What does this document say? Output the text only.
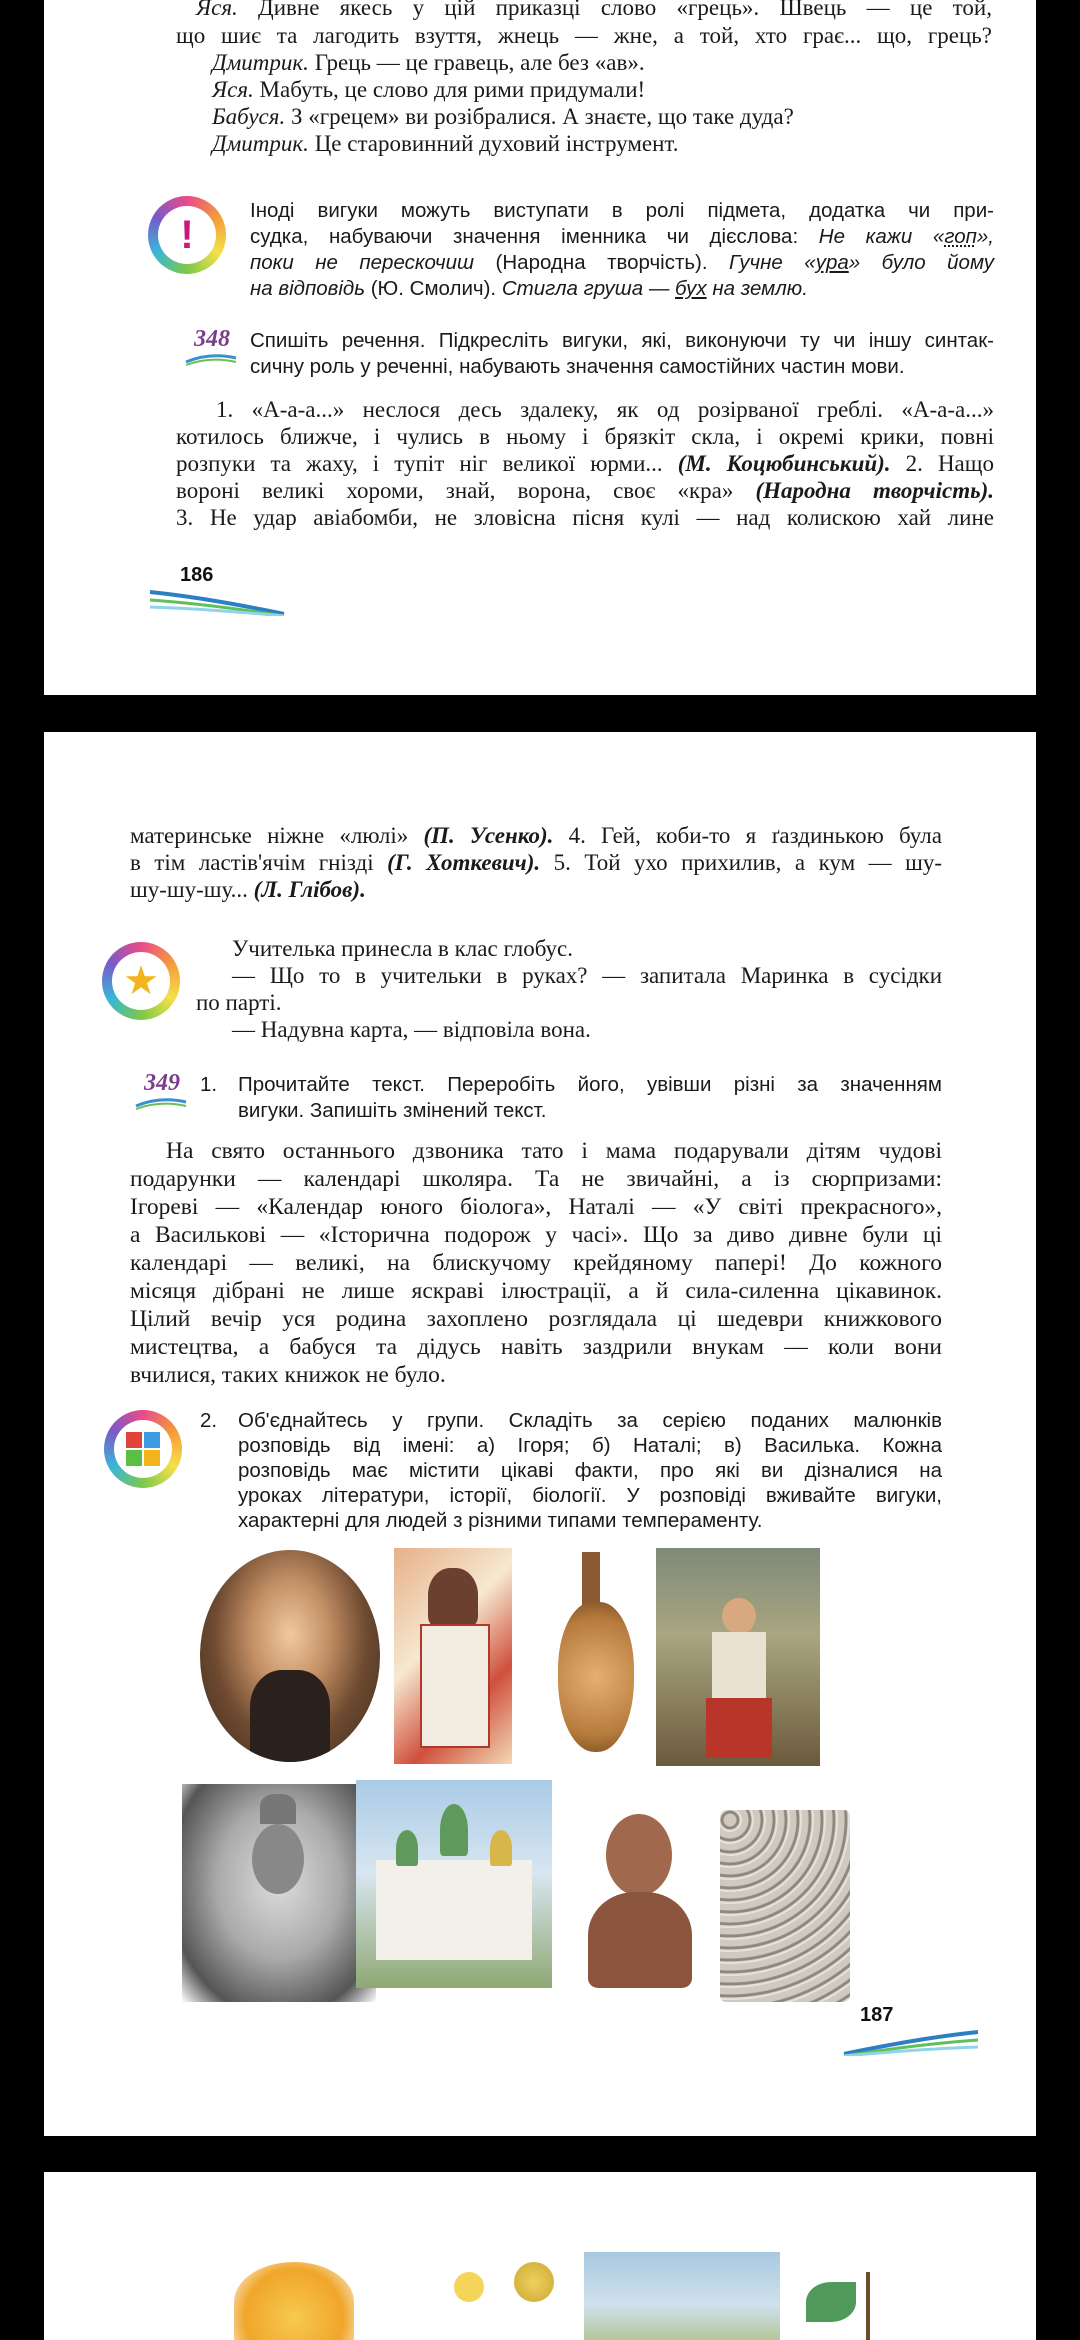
Яся. Дивне якесь у цій приказці слово «грець». Швець — це той,
що шиє та лагодить взуття, жнець — жне, а той, хто грає... що, грець?
Дмитрик. Грець — це гравець, але без «ав».
Яся. Мабуть, це слово для рими придумали!
Бабуся. З «грецем» ви розібралися. А знаєте, що таке дуда?
Дмитрик. Це старовинний духовий інструмент.
!
Іноді вигуки можуть виступати в ролі підмета, додатка чи при-
судка, набуваючи значення іменника чи дієслова: Не кажи «гоп»,
поки не перескочиш (Народна творчість). Гучне «ура» було йому
на відповідь (Ю. Смолич). Стигла груша — бух на землю.
348 Спишіть речення. Підкресліть вигуки, які, виконуючи ту чи іншу синтак-
сичну роль у реченні, набувають значення самостійних частин мови.
1. «А-а-а...» неслося десь здалеку, як од розірваної греблі. «А-а-а...»
котилось ближче, і чулись в ньому і брязкіт скла, і окремі крики, повні
розпуки та жаху, і тупіт ніг великої юрми... (М. Коцюбинський). 2. Нащо
вороні великі хороми, знай, ворона, своє «кра» (Народна творчість).
3. Не удар авіабомби, не зловісна пісня кулі — над колискою хай лине
186
материнське ніжне «люлі» (П. Усенко). 4. Гей, коби-то я ґаздинькою була
в тім ластів'ячім гнізді (Г. Хоткевич). 5. Той ухо прихилив, а кум — шу-
шу-шу-шу... (Л. Глібов).
★
Учителька принесла в клас глобус.
— Що то в учительки в руках? — запитала Маринка в сусідки
по парті.
— Надувна карта, — відповіла вона.
349 1. Прочитайте текст. Переробіть його, увівши різні за значенням
вигуки. Запишіть змінений текст.
На свято останнього дзвоника тато і мама подарували дітям чудові
подарунки — календарі школяра. Та не звичайні, а із сюрпризами:
Ігореві — «Календар юного біолога», Наталі — «У світі прекрасного»,
а Васильковi — «Історична подорож у часі». Що за диво дивне були ці
календарі — великі, на блискучому крейдяному папері! До кожного
місяця дібрані не лише яскраві ілюстрації, а й сила-силенна цікавинок.
Цілий вечір уся родина захоплено розглядала ці шедеври книжкового
мистецтва, а бабуся та дідусь навіть заздрили внукам — коли вони
вчилися, таких книжок не було.
2. Об'єднайтесь у групи. Складіть за серією поданих малюнків
розповідь від імені: а) Ігоря; б) Наталі; в) Василька. Кожна
розповідь має містити цікаві факти, про які ви дізналися на
уроках літератури, історії, біології. У розповіді вживайте вигуки,
характерні для людей з різними типами темпераменту.
187
